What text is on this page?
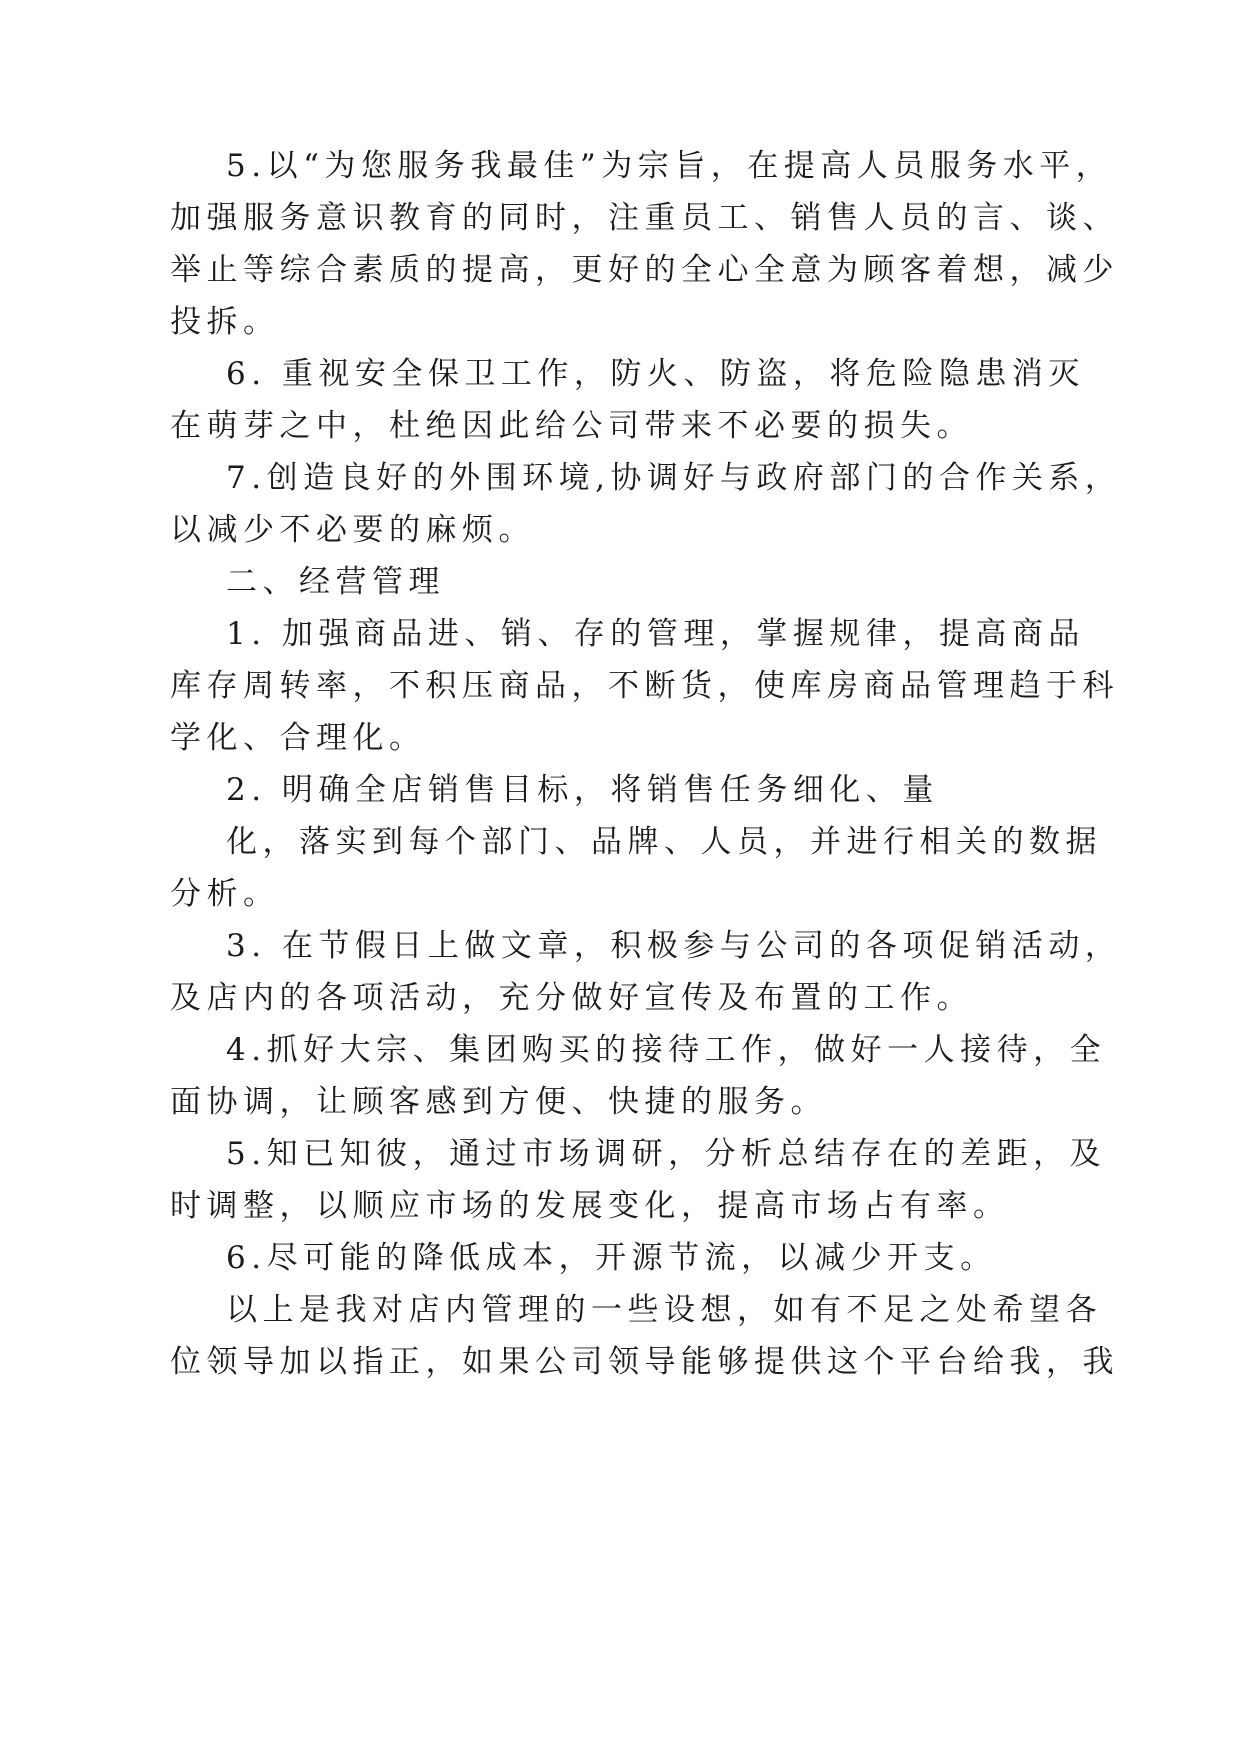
5.以“为您服务我最佳”为宗旨，在提高人员服务水平，
加强服务意识教育的同时，注重员工、销售人员的言、谈、
举止等综合素质的提高，更好的全心全意为顾客着想，减少
投拆。
6. 重视安全保卫工作，防火、防盗，将危险隐患消灭
在萌芽之中，杜绝因此给公司带来不必要的损失。
7.创造良好的外围环境,协调好与政府部门的合作关系，
以减少不必要的麻烦。
二、经营管理
1. 加强商品进、销、存的管理，掌握规律，提高商品
库存周转率，不积压商品，不断货，使库房商品管理趋于科
学化、合理化。
2. 明确全店销售目标，将销售任务细化、量
化，落实到每个部门、品牌、人员，并进行相关的数据
分析。
3. 在节假日上做文章，积极参与公司的各项促销活动，
及店内的各项活动，充分做好宣传及布置的工作。
4.抓好大宗、集团购买的接待工作，做好一人接待，全
面协调，让顾客感到方便、快捷的服务。
5.知已知彼，通过市场调研，分析总结存在的差距，及
时调整，以顺应市场的发展变化，提高市场占有率。
6.尽可能的降低成本，开源节流，以减少开支。
以上是我对店内管理的一些设想，如有不足之处希望各
位领导加以指正，如果公司领导能够提供这个平台给我，我
